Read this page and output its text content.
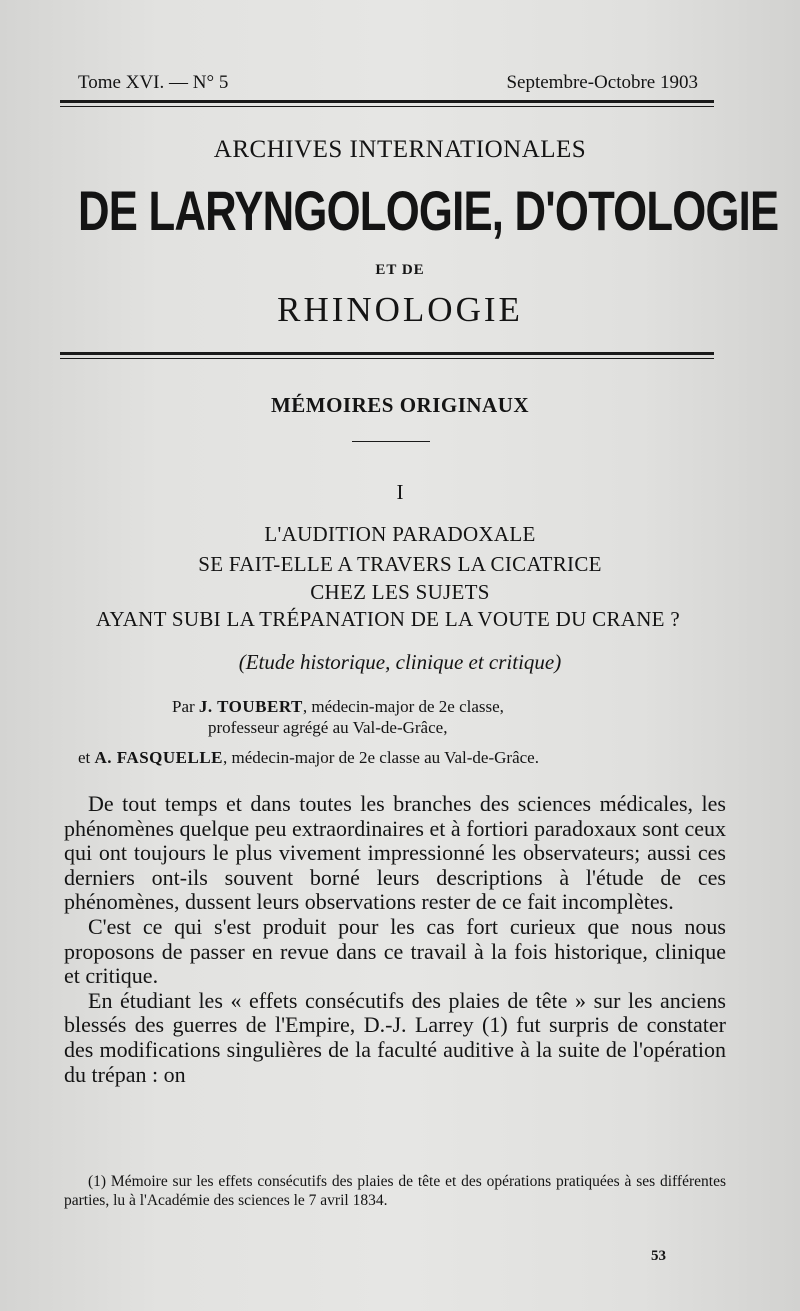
Tome XVI. — N° 5	Septembre-Octobre 1903
ARCHIVES INTERNATIONALES
DE LARYNGOLOGIE, D'OTOLOGIE
ET DE
RHINOLOGIE
MÉMOIRES ORIGINAUX
I
L'AUDITION PARADOXALE
SE FAIT-ELLE A TRAVERS LA CICATRICE
CHEZ LES SUJETS
AYANT SUBI LA TRÉPANATION DE LA VOUTE DU CRANE ?
(Etude historique, clinique et critique)
Par J. TOUBERT, médecin-major de 2e classe,
professeur agrégé au Val-de-Grâce,
et A. FASQUELLE, médecin-major de 2e classe au Val-de-Grâce.

De tout temps et dans toutes les branches des sciences médicales, les phénomènes quelque peu extraordinaires et à fortiori paradoxaux sont ceux qui ont toujours le plus vivement impressionné les observateurs; aussi ces derniers ont-ils souvent borné leurs descriptions à l'étude de ces phénomènes, dussent leurs observations rester de ce fait incomplètes.

C'est ce qui s'est produit pour les cas fort curieux que nous nous proposons de passer en revue dans ce travail à la fois historique, clinique et critique.

En étudiant les « effets consécutifs des plaies de tête » sur les anciens blessés des guerres de l'Empire, D.-J. Larrey (1) fut surpris de constater des modifications singulières de la faculté auditive à la suite de l'opération du trépan : on

(1) Mémoire sur les effets consécutifs des plaies de tête et des opérations pratiquées à ses différentes parties, lu à l'Académie des sciences le 7 avril 1834.

53
